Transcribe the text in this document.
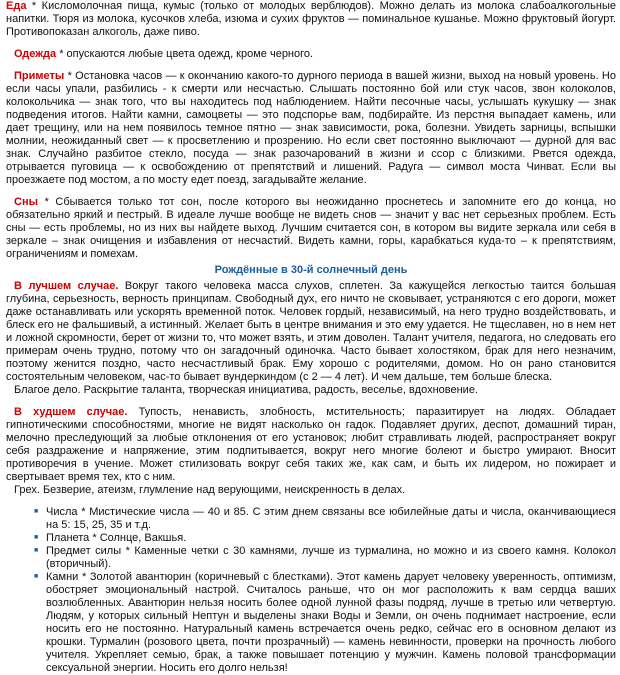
Еда * Кисломолочная пища, кумыс (только от молодых верблюдов). Можно делать из молока слабоалкогольные напитки. Тюря из молока, кусочков хлеба, изюма и сухих фруктов — поминальное кушанье. Можно фруктовый йогурт. Противопоказан алкоголь, даже пиво.

Одежда * опускаются любые цвета одежд, кроме черного.

Приметы * Остановка часов — к окончанию какого-то дурного периода в вашей жизни, выход на новый уровень. Но если часы упали, разбились - к смерти или несчастью. Слышать постоянно бой или стук часов, звон колоколов, колокольчика — знак того, что вы находитесь под наблюдением. Найти песочные часы, услышать кукушку — знак подведения итогов. Найти камни, самоцветы — это подспорье вам, подбирайте. Из перстня выпадает камень, или дает трещину, или на нем появилось темное пятно — знак зависимости, рока, болезни. Увидеть зарницы, вспышки молнии, неожиданный свет — к просветлению и прозрению. Но если свет постоянно выключают — дурной для вас знак. Случайно разбитое стекло, посуда — знак разочарований в жизни и ссор с близкими. Рвется одежда, отрывается пуговица — к освобождению от препятствий и лишений. Радуга — символ моста Чинват. Если вы проезжаете под мостом, а по мосту едет поезд, загадывайте желание.

Сны * Сбывается только тот сон, после которого вы неожиданно проснетесь и запомните его до конца, но обязательно яркий и пестрый. В идеале лучше вообще не видеть снов — значит у вас нет серьезных проблем. Есть сны — есть проблемы, но из них вы найдете выход. Лучшим считается сон, в котором вы видите зеркала или себя в зеркале – знак очищения и избавления от несчастий. Видеть камни, горы, карабкаться куда-то – к препятствиям, ограничениям и помехам.

Рождённые в 30-й солнечный день

В лучшем случае. Вокруг такого человека масса слухов, сплетен. За кажущейся легкостью таится большая глубина, серьезность, верность принципам. Свободный дух, его ничто не сковывает, устраняются с его дороги, может даже останавливать или ускорять временной поток. Человек гордый, независимый, на него трудно воздействовать, и блеск его не фальшивый, а истинный. Желает быть в центре внимания и это ему удается. Не тщеславен, но в нем нет и ложной скромности, берет от жизни то, что может взять, и этим доволен. Талант учителя, педагога, но следовать его примерам очень трудно, потому что он загадочный одиночка. Часто бывает холостяком, брак для него незначим, поэтому женится поздно, часто несчастливый брак. Ему хорошо с родителями, домом. Но он рано становится состоятельным человеком, час-то бывает вундеркиндом (с 2 — 4 лет). И чем дальше, тем больше блеска.

Благое дело. Раскрытие таланта, творческая инициатива, радость, веселье, вдохновение.

В худшем случае. Тупость, ненависть, злобность, мстительность; паразитирует на людях. Обладает гипнотическими способностями, многие не видят насколько он гадок. Подавляет других, деспот, домашний тиран, мелочно преследующий за любые отклонения от его установок; любит стравливать людей, распространяет вокруг себя раздражение и напряжение, этим подпитывается, вокруг него многие болеют и быстро умирают. Вносит противоречия в учение. Может стилизовать вокруг себя таких же, как сам, и быть их лидером, но пожирает и свертывает время тех, кто с ним.

Грех. Безверие, атеизм, глумление над верующими, неискренность в делах.

■ Числа * Мистические числа — 40 и 85. С этим днем связаны все юбилейные даты и числа, оканчивающиеся на 5: 15, 25, 35 и т.д.
■ Планета * Солнце, Вакшья.
■ Предмет силы * Каменные четки с 30 камнями, лучше из турмалина, но можно и из своего камня. Колокол (вторичный).
■ Камни * Золотой авантюрин (коричневый с блестками). Этот камень дарует человеку уверенность, оптимизм, обостряет эмоциональный настрой. Считалось раньше, что он мог расположить к вам сердца ваших возлюбленных. Авантюрин нельзя носить более одной лунной фазы подряд, лучше в третью или четвертую. Людям, у которых сильный Нептун и выделены знаки Воды и Земли, он очень поднимает настроение, если носить его не постоянно. Натуральный камень встречается очень редко, сейчас его в основном делают из крошки. Турмалин (розового цвета, почти прозрачный) — камень невинности, проверки на прочность любого учителя. Укрепляет семью, брак, а также повышает потенцию у мужчин. Камень половой трансформации сексуальной энергии. Носить его долго нельзя!
